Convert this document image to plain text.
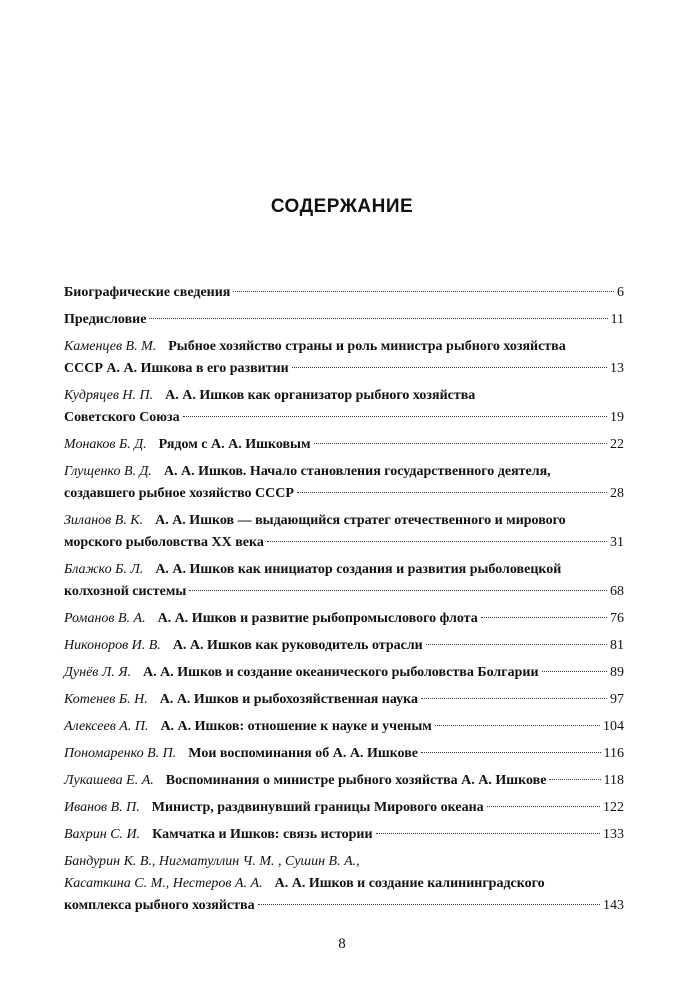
СОДЕРЖАНИЕ
Биографические сведения	6
Предисловие	11
Каменцев В. М. Рыбное хозяйство страны и роль министра рыбного хозяйства
СССР А. А. Ишкова в его развитии	13
Кудряцев Н. П. А. А. Ишков как организатор рыбного хозяйства
Советского Союза	19
Монаков Б. Д. Рядом с А. А. Ишковым	22
Глущенко В. Д. А. А. Ишков. Начало становления государственного деятеля,
создавшего рыбное хозяйство СССР	28
Зиланов В. К. А. А. Ишков — выдающийся стратег отечественного и мирового
морского рыболовства XX века	31
Блажко Б. Л. А. А. Ишков как инициатор создания и развития рыболовецкой
колхозной системы	68
Романов В. А. А. А. Ишков и развитие рыбопромыслового флота	76
Никоноров И. В. А. А. Ишков как руководитель отрасли	81
Дунёв Л. Я. А. А. Ишков и создание океанического рыболовства Болгарии	89
Котенев Б. Н. А. А. Ишков и рыбохозяйственная наука	97
Алексеев А. П. А. А. Ишков: отношение к науке и ученым	104
Пономаренко В. П. Мои воспоминания об А. А. Ишкове	116
Лукашева Е. А. Воспоминания о министре рыбного хозяйства А. А. Ишкове	118
Иванов В. П. Министр, раздвинувший границы Мирового океана	122
Вахрин С. И. Камчатка и Ишков: связь истории	133
Бандурин К. В., Нигматуллин Ч. М. , Сушин В. А.,
Касаткина С. М., Нестеров А. А. А. А. Ишков и создание калининградского
комплекса рыбного хозяйства	143
8
